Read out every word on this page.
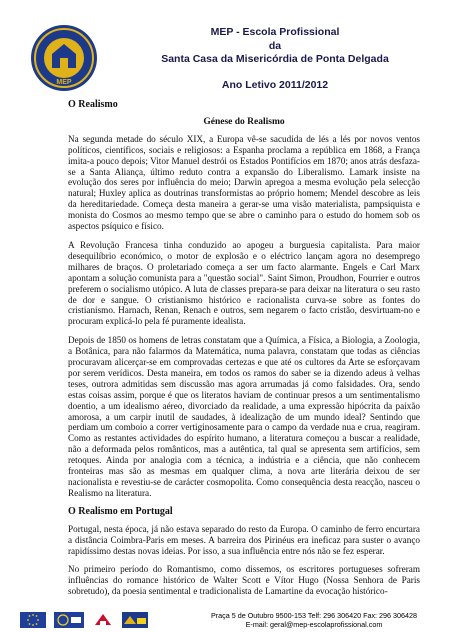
MEP
MEP - Escola Profissional
da
Santa Casa da Misericórdia de Ponta Delgada
Ano Letivo 2011/2012
O Realismo
Génese do Realismo

Na segunda metade do século XIX, a Europa vê-se sacudida de lés a lés por novos ventos políticos, científicos, sociais e religiosos: a Espanha proclama a república em 1868, a França imita-a pouco depois; Vitor Manuel destrói os Estados Pontifícios em 1870; anos atrás desfaza-se a Santa Aliança, último reduto contra a expansão do Liberalismo. Lamark insiste na evolução dos seres por influência do meio; Darwin apregoa a mesma evolução pela selecção natural; Huxley aplica as doutrinas transformistas ao próprio homem; Mendel descobre as leis da hereditariedade. Começa desta maneira a gerar-se uma visão materialista, pampsiquista e monista do Cosmos ao mesmo tempo que se abre o caminho para o estudo do homem sob os aspectos psíquico e físico.

A Revolução Francesa tinha conduzido ao apogeu a burguesia capitalista. Para maior desequilíbrio económico, o motor de explosão e o eléctrico lançam agora no desemprego milhares de braços. O proletariado começa a ser um facto alarmante. Engels e Carl Marx apontam a solução comunista para a "questão social". Saint Simon, Proudhon, Fourrier e outros preferem o socialismo utópico. A luta de classes prepara-se para deixar na literatura o seu rasto de dor e sangue. O cristianismo histórico e racionalista curva-se sobre as fontes do cristianismo. Harnach, Renan, Renach e outros, sem negarem o facto cristão, desvirtuam-no e procuram explicá-lo pela fé puramente idealista.

Depois de 1850 os homens de letras constatam que a Química, a Física, a Biologia, a Zoologia, a Botânica, para não falarmos da Matemática, numa palavra, constatam que todas as ciências procuravam alicerçar-se em comprovadas certezas e que até os cultores da Arte se esforçavam por serem verídicos. Desta maneira, em todos os ramos do saber se ia dizendo adeus à velhas teses, outrora admitidas sem discussão mas agora arrumadas já como falsidades. Ora, sendo estas coisas assim, porque é que os literatos haviam de continuar presos a um sentimentalismo doentio, a um idealismo aéreo, divorciado da realidade, a uma expressão hipócrita da paixão amorosa, a um carpir inutil de saudades, à idealização de um mundo ideal? Sentindo que perdiam um comboio a correr vertiginosamente para o campo da verdade nua e crua, reagiram. Como as restantes actividades do espírito humano, a literatura começou a buscar a realidade, não a deformada pelos românticos, mas a autêntica, tal qual se apresenta sem artifícios, sem retoques. Ainda por analogia com a técnica, a indústria e a ciência, que não conhecem fronteiras mas são as mesmas em qualquer clima, a nova arte literária deixou de ser nacionalista e revestiu-se de carácter cosmopolita. Como consequência desta reacção, nasceu o Realismo na literatura.

O Realismo em Portugal

Portugal, nesta época, já não estava separado do resto da Europa. O caminho de ferro encurtara a distância Coimbra-Paris em meses. A barreira dos Pirinéus era ineficaz para suster o avanço rapidíssimo destas novas ideias. Por isso, a sua influência entre nós não se fez esperar.

No primeiro período do Romantismo, como dissemos, os escritores portugueses sofreram influências do romance histórico de Walter Scott e Vítor Hugo (Nossa Senhora de Paris sobretudo), da poesia sentimental e tradicionalista de Lamartine da evocação histórico-

Praça 5 de Outubro 9500-153 Telf: 296 306420 Fax: 296 306428
E-mail: geral@mep-escolaprofissional.com
